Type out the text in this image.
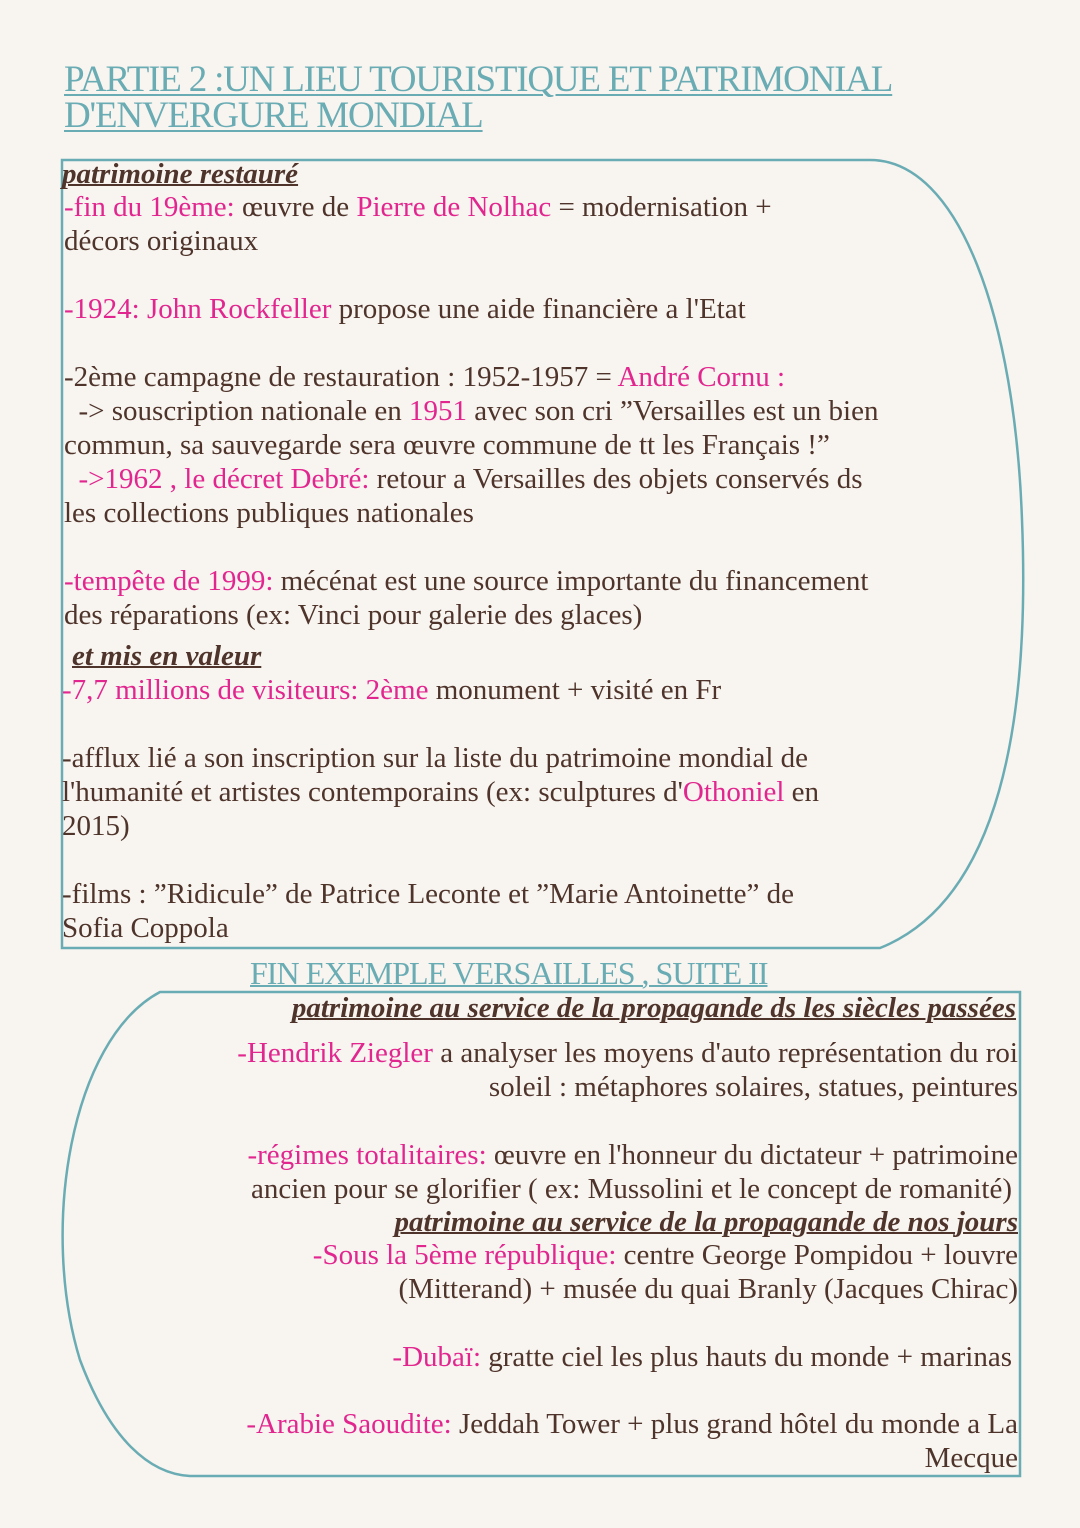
PARTIE 2 :UN LIEU TOURISTIQUE ET PATRIMONIAL
D'ENVERGURE MONDIAL
patrimoine restauré
-fin du 19ème: œuvre de Pierre de Nolhac = modernisation +
décors originaux
-1924: John Rockfeller propose une aide financière a l'Etat
-2ème campagne de restauration : 1952-1957 = André Cornu :
-> souscription nationale en 1951 avec son cri ”Versailles est un bien
commun, sa sauvegarde sera œuvre commune de tt les Français !”
->1962 , le décret Debré: retour a Versailles des objets conservés ds
les collections publiques nationales
-tempête de 1999: mécénat est une source importante du financement
des réparations (ex: Vinci pour galerie des glaces)
et mis en valeur
-7,7 millions de visiteurs: 2ème monument + visité en Fr
-afflux lié a son inscription sur la liste du patrimoine mondial de
l'humanité et artistes contemporains (ex: sculptures d'Othoniel en
2015)
-films : ”Ridicule” de Patrice Leconte et ”Marie Antoinette” de
Sofia Coppola
FIN EXEMPLE VERSAILLES , SUITE II
patrimoine au service de la propagande ds les siècles passées
-Hendrik Ziegler a analyser les moyens d'auto représentation du roi
soleil : métaphores solaires, statues, peintures
-régimes totalitaires: œuvre en l'honneur du dictateur + patrimoine
ancien pour se glorifier ( ex: Mussolini et le concept de romanité)
patrimoine au service de la propagande de nos jours
-Sous la 5ème république: centre George Pompidou + louvre
(Mitterand) + musée du quai Branly (Jacques Chirac)
-Dubaï: gratte ciel les plus hauts du monde + marinas
-Arabie Saoudite: Jeddah Tower + plus grand hôtel du monde a La
Mecque
